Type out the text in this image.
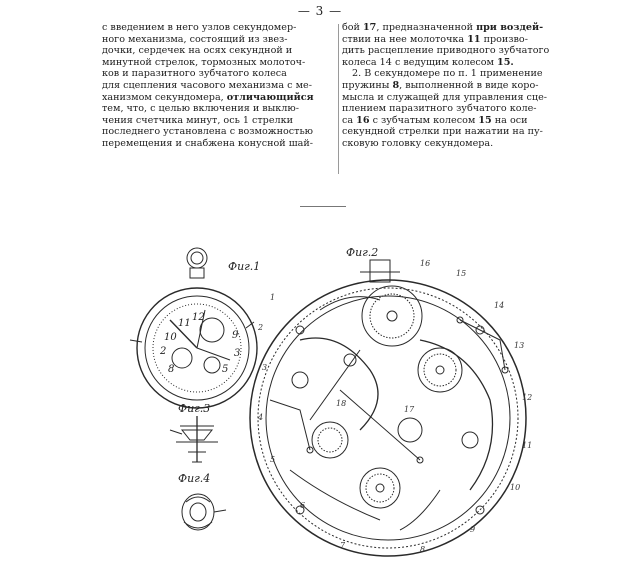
— 3 —
с введением в него узлов секундомер-
ного механизма, состоящий из звез-
дочки, сердечек на осях секундной и
минутной стрелок, тормозных молоточ-
ков и паразитного зубчатого колеса
для сцепления часового механизма с ме-
ханизмом секундомера, отличающийся
тем, что, с целью включения и выклю-
чения счетчика минут, ось 1 стрелки
последнего установлена с возможностью
перемещения и снабжена конусной шай-
бой 17, предназначенной при воздей-
ствии на нее молоточка 11 произво-
дить расцепление приводного зубчатого
колеса 14 с ведущим колесом 15.
2. В секундомере по п. 1 применение
пружины 8, выполненной в виде коро-
мысла и служащей для управления сце-
плением паразитного зубчатого коле-
са 16 с зубчатым колесом 15 на оси
секундной стрелки при нажатии на пу-
сковую головку секундомера.
Фиг.1
Фиг.3
Фиг.4
Фиг.2
11
12
9
10
2	3
8	5
1
2
3
4
5
6
7	8
9
10
11
12
13
14
15
16
17
18
